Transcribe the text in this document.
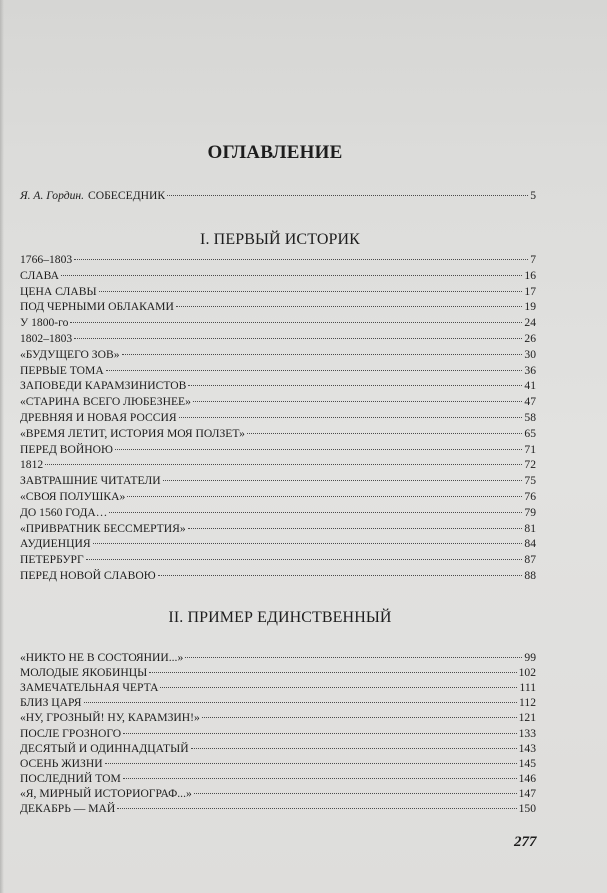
ОГЛАВЛЕНИЕ
Я. А. Гордин. СОБЕСЕДНИК	5
I. ПЕРВЫЙ ИСТОРИК
1766–1803	7
СЛАВА	16
ЦЕНА СЛАВЫ	17
ПОД ЧЕРНЫМИ ОБЛАКАМИ	19
У 1800-го	24
1802–1803	26
«БУДУЩЕГО ЗОВ»	30
ПЕРВЫЕ ТОМА	36
ЗАПОВЕДИ КАРАМЗИНИСТОВ	41
«СТАРИНА ВСЕГО ЛЮБЕЗНЕЕ»	47
ДРЕВНЯЯ И НОВАЯ РОССИЯ	58
«ВРЕМЯ ЛЕТИТ, ИСТОРИЯ МОЯ ПОЛЗЕТ»	65
ПЕРЕД ВОЙНОЮ	71
1812	72
ЗАВТРАШНИЕ ЧИТАТЕЛИ	75
«СВОЯ ПОЛУШКА»	76
ДО 1560 ГОДА…	79
«ПРИВРАТНИК БЕССМЕРТИЯ»	81
АУДИЕНЦИЯ	84
ПЕТЕРБУРГ	87
ПЕРЕД НОВОЙ СЛАВОЮ	88
II. ПРИМЕР ЕДИНСТВЕННЫЙ
«НИКТО НЕ В СОСТОЯНИИ...»	99
МОЛОДЫЕ ЯКОБИНЦЫ	102
ЗАМЕЧАТЕЛЬНАЯ ЧЕРТА	111
БЛИЗ ЦАРЯ	112
«НУ, ГРОЗНЫЙ! НУ, КАРАМЗИН!»	121
ПОСЛЕ ГРОЗНОГО	133
ДЕСЯТЫЙ И ОДИННАДЦАТЫЙ	143
ОСЕНЬ ЖИЗНИ	145
ПОСЛЕДНИЙ ТОМ	146
«Я, МИРНЫЙ ИСТОРИОГРАФ...»	147
ДЕКАБРЬ — МАЙ	150
277
